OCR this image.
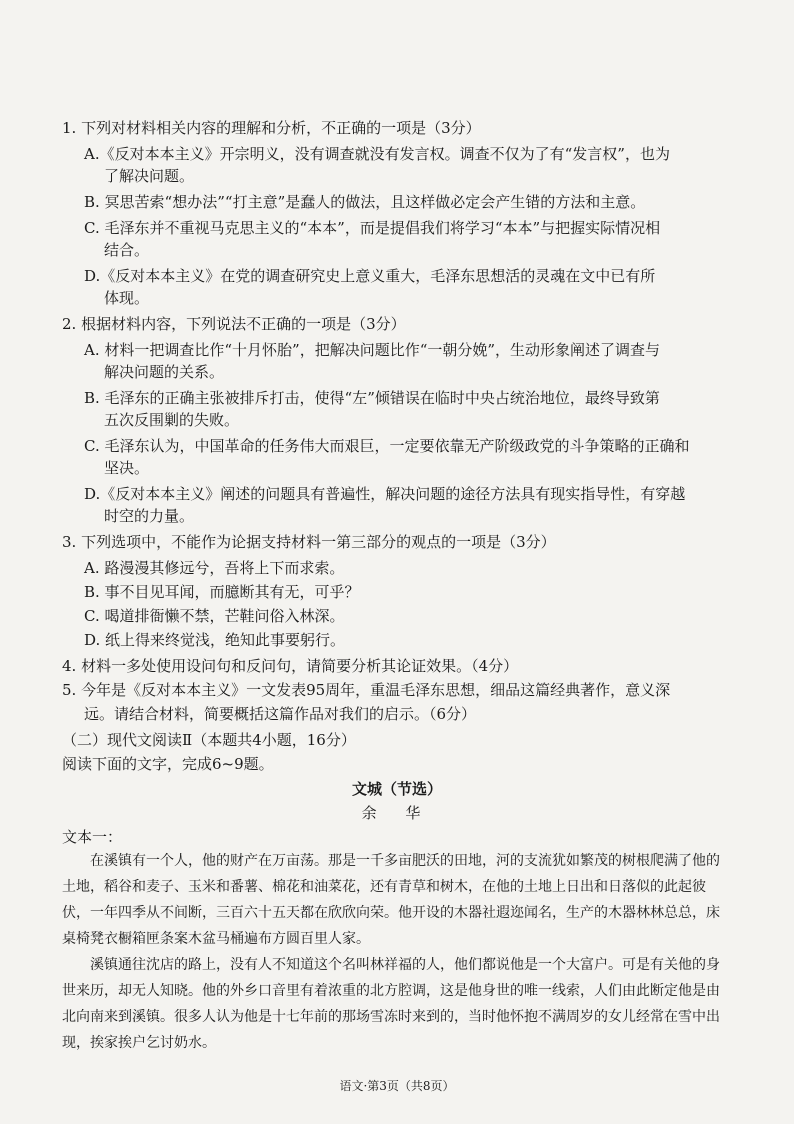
1. 下列对材料相关内容的理解和分析，不正确的一项是（3分）
A.《反对本本主义》开宗明义，没有调查就没有发言权。调查不仅为了有“发言权”，也为
了解决问题。
B. 冥思苦索“想办法”“打主意”是蠢人的做法，且这样做必定会产生错的方法和主意。
C. 毛泽东并不重视马克思主义的“本本”，而是提倡我们将学习“本本”与把握实际情况相
结合。
D.《反对本本主义》在党的调查研究史上意义重大，毛泽东思想活的灵魂在文中已有所
体现。
2. 根据材料内容，下列说法不正确的一项是（3分）
A. 材料一把调查比作“十月怀胎”，把解决问题比作“一朝分娩”，生动形象阐述了调查与
解决问题的关系。
B. 毛泽东的正确主张被排斥打击，使得“左”倾错误在临时中央占统治地位，最终导致第
五次反围剿的失败。
C. 毛泽东认为，中国革命的任务伟大而艰巨，一定要依靠无产阶级政党的斗争策略的正确和
坚决。
D.《反对本本主义》阐述的问题具有普遍性，解决问题的途径方法具有现实指导性，有穿越
时空的力量。
3. 下列选项中，不能作为论据支持材料一第三部分的观点的一项是（3分）
A. 路漫漫其修远兮，吾将上下而求索。
B. 事不目见耳闻，而臆断其有无，可乎？
C. 喝道排衙懒不禁，芒鞋问俗入林深。
D. 纸上得来终觉浅，绝知此事要躬行。
4. 材料一多处使用设问句和反问句，请简要分析其论证效果。（4分）
5. 今年是《反对本本主义》一文发表95周年，重温毛泽东思想，细品这篇经典著作，意义深
远。请结合材料，简要概括这篇作品对我们的启示。（6分）
（二）现代文阅读Ⅱ（本题共4小题，16分）
阅读下面的文字，完成6~9题。
文城（节选）
余 华
文本一：
在溪镇有一个人，他的财产在万亩荡。那是一千多亩肥沃的田地，河的支流犹如繁茂的树根爬满了他的土地，稻谷和麦子、玉米和番薯、棉花和油菜花，还有青草和树木，在他的土地上日出和日落似的此起彼伏，一年四季从不间断，三百六十五天都在欣欣向荣。他开设的木器社遐迩闻名，生产的木器林林总总，床桌椅凳衣橱箱匣条案木盆马桶遍布方圆百里人家。
溪镇通往沈店的路上，没有人不知道这个名叫林祥福的人，他们都说他是一个大富户。可是有关他的身世来历，却无人知晓。他的外乡口音里有着浓重的北方腔调，这是他身世的唯一线索，人们由此断定他是由北向南来到溪镇。很多人认为他是十七年前的那场雪冻时来到的，当时他怀抱不满周岁的女儿经常在雪中出现，挨家挨户乞讨奶水。
语文·第3页（共8页）
